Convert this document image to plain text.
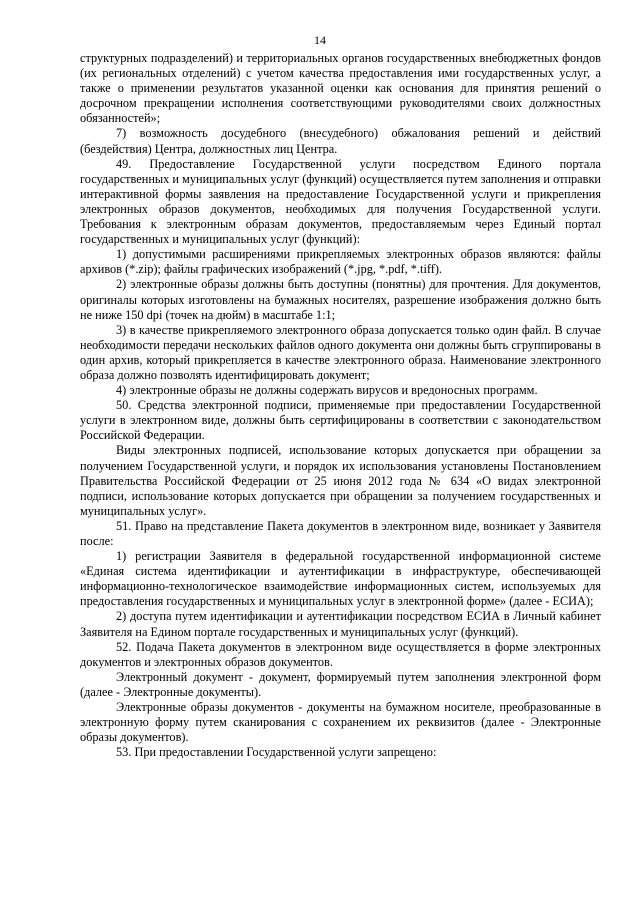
14

структурных подразделений) и территориальных органов государственных внебюджетных фондов (их региональных отделений) с учетом качества предоставления ими государственных услуг, а также о применении результатов указанной оценки как основания для принятия решений о досрочном прекращении исполнения соответствующими руководителями своих должностных обязанностей»;

7) возможность досудебного (внесудебного) обжалования решений и действий (бездействия) Центра, должностных лиц Центра.

49. Предоставление Государственной услуги посредством Единого портала государственных и муниципальных услуг (функций) осуществляется путем заполнения и отправки интерактивной формы заявления на предоставление Государственной услуги и прикрепления электронных образов документов, необходимых для получения Государственной услуги. Требования к электронным образам документов, предоставляемым через Единый портал государственных и муниципальных услуг (функций):

1) допустимыми расширениями прикрепляемых электронных образов являются: файлы архивов (*.zip); файлы графических изображений (*.jpg, *.pdf, *.tiff).

2) электронные образы должны быть доступны (понятны) для прочтения. Для документов, оригиналы которых изготовлены на бумажных носителях, разрешение изображения должно быть не ниже 150 dpi (точек на дюйм) в масштабе 1:1;

3) в качестве прикрепляемого электронного образа допускается только один файл. В случае необходимости передачи нескольких файлов одного документа они должны быть сгруппированы в один архив, который прикрепляется в качестве электронного образа. Наименование электронного образа должно позволять идентифицировать документ;

4) электронные образы не должны содержать вирусов и вредоносных программ.

50. Средства электронной подписи, применяемые при предоставлении Государственной услуги в электронном виде, должны быть сертифицированы в соответствии с законодательством Российской Федерации.

Виды электронных подписей, использование которых допускается при обращении за получением Государственной услуги, и порядок их использования установлены Постановлением Правительства Российской Федерации от 25 июня 2012 года № 634 «О видах электронной подписи, использование которых допускается при обращении за получением государственных и муниципальных услуг».

51. Право на представление Пакета документов в электронном виде, возникает у Заявителя после:

1) регистрации Заявителя в федеральной государственной информационной системе «Единая система идентификации и аутентификации в инфраструктуре, обеспечивающей информационно-технологическое взаимодействие информационных систем, используемых для предоставления государственных и муниципальных услуг в электронной форме» (далее - ЕСИА);

2) доступа путем идентификации и аутентификации посредством ЕСИА в Личный кабинет Заявителя на Едином портале государственных и муниципальных услуг (функций).

52. Подача Пакета документов в электронном виде осуществляется в форме электронных документов и электронных образов документов.

Электронный документ - документ, формируемый путем заполнения электронной форм (далее - Электронные документы).

Электронные образы документов - документы на бумажном носителе, преобразованные в электронную форму путем сканирования с сохранением их реквизитов (далее - Электронные образы документов).

53. При предоставлении Государственной услуги запрещено:
